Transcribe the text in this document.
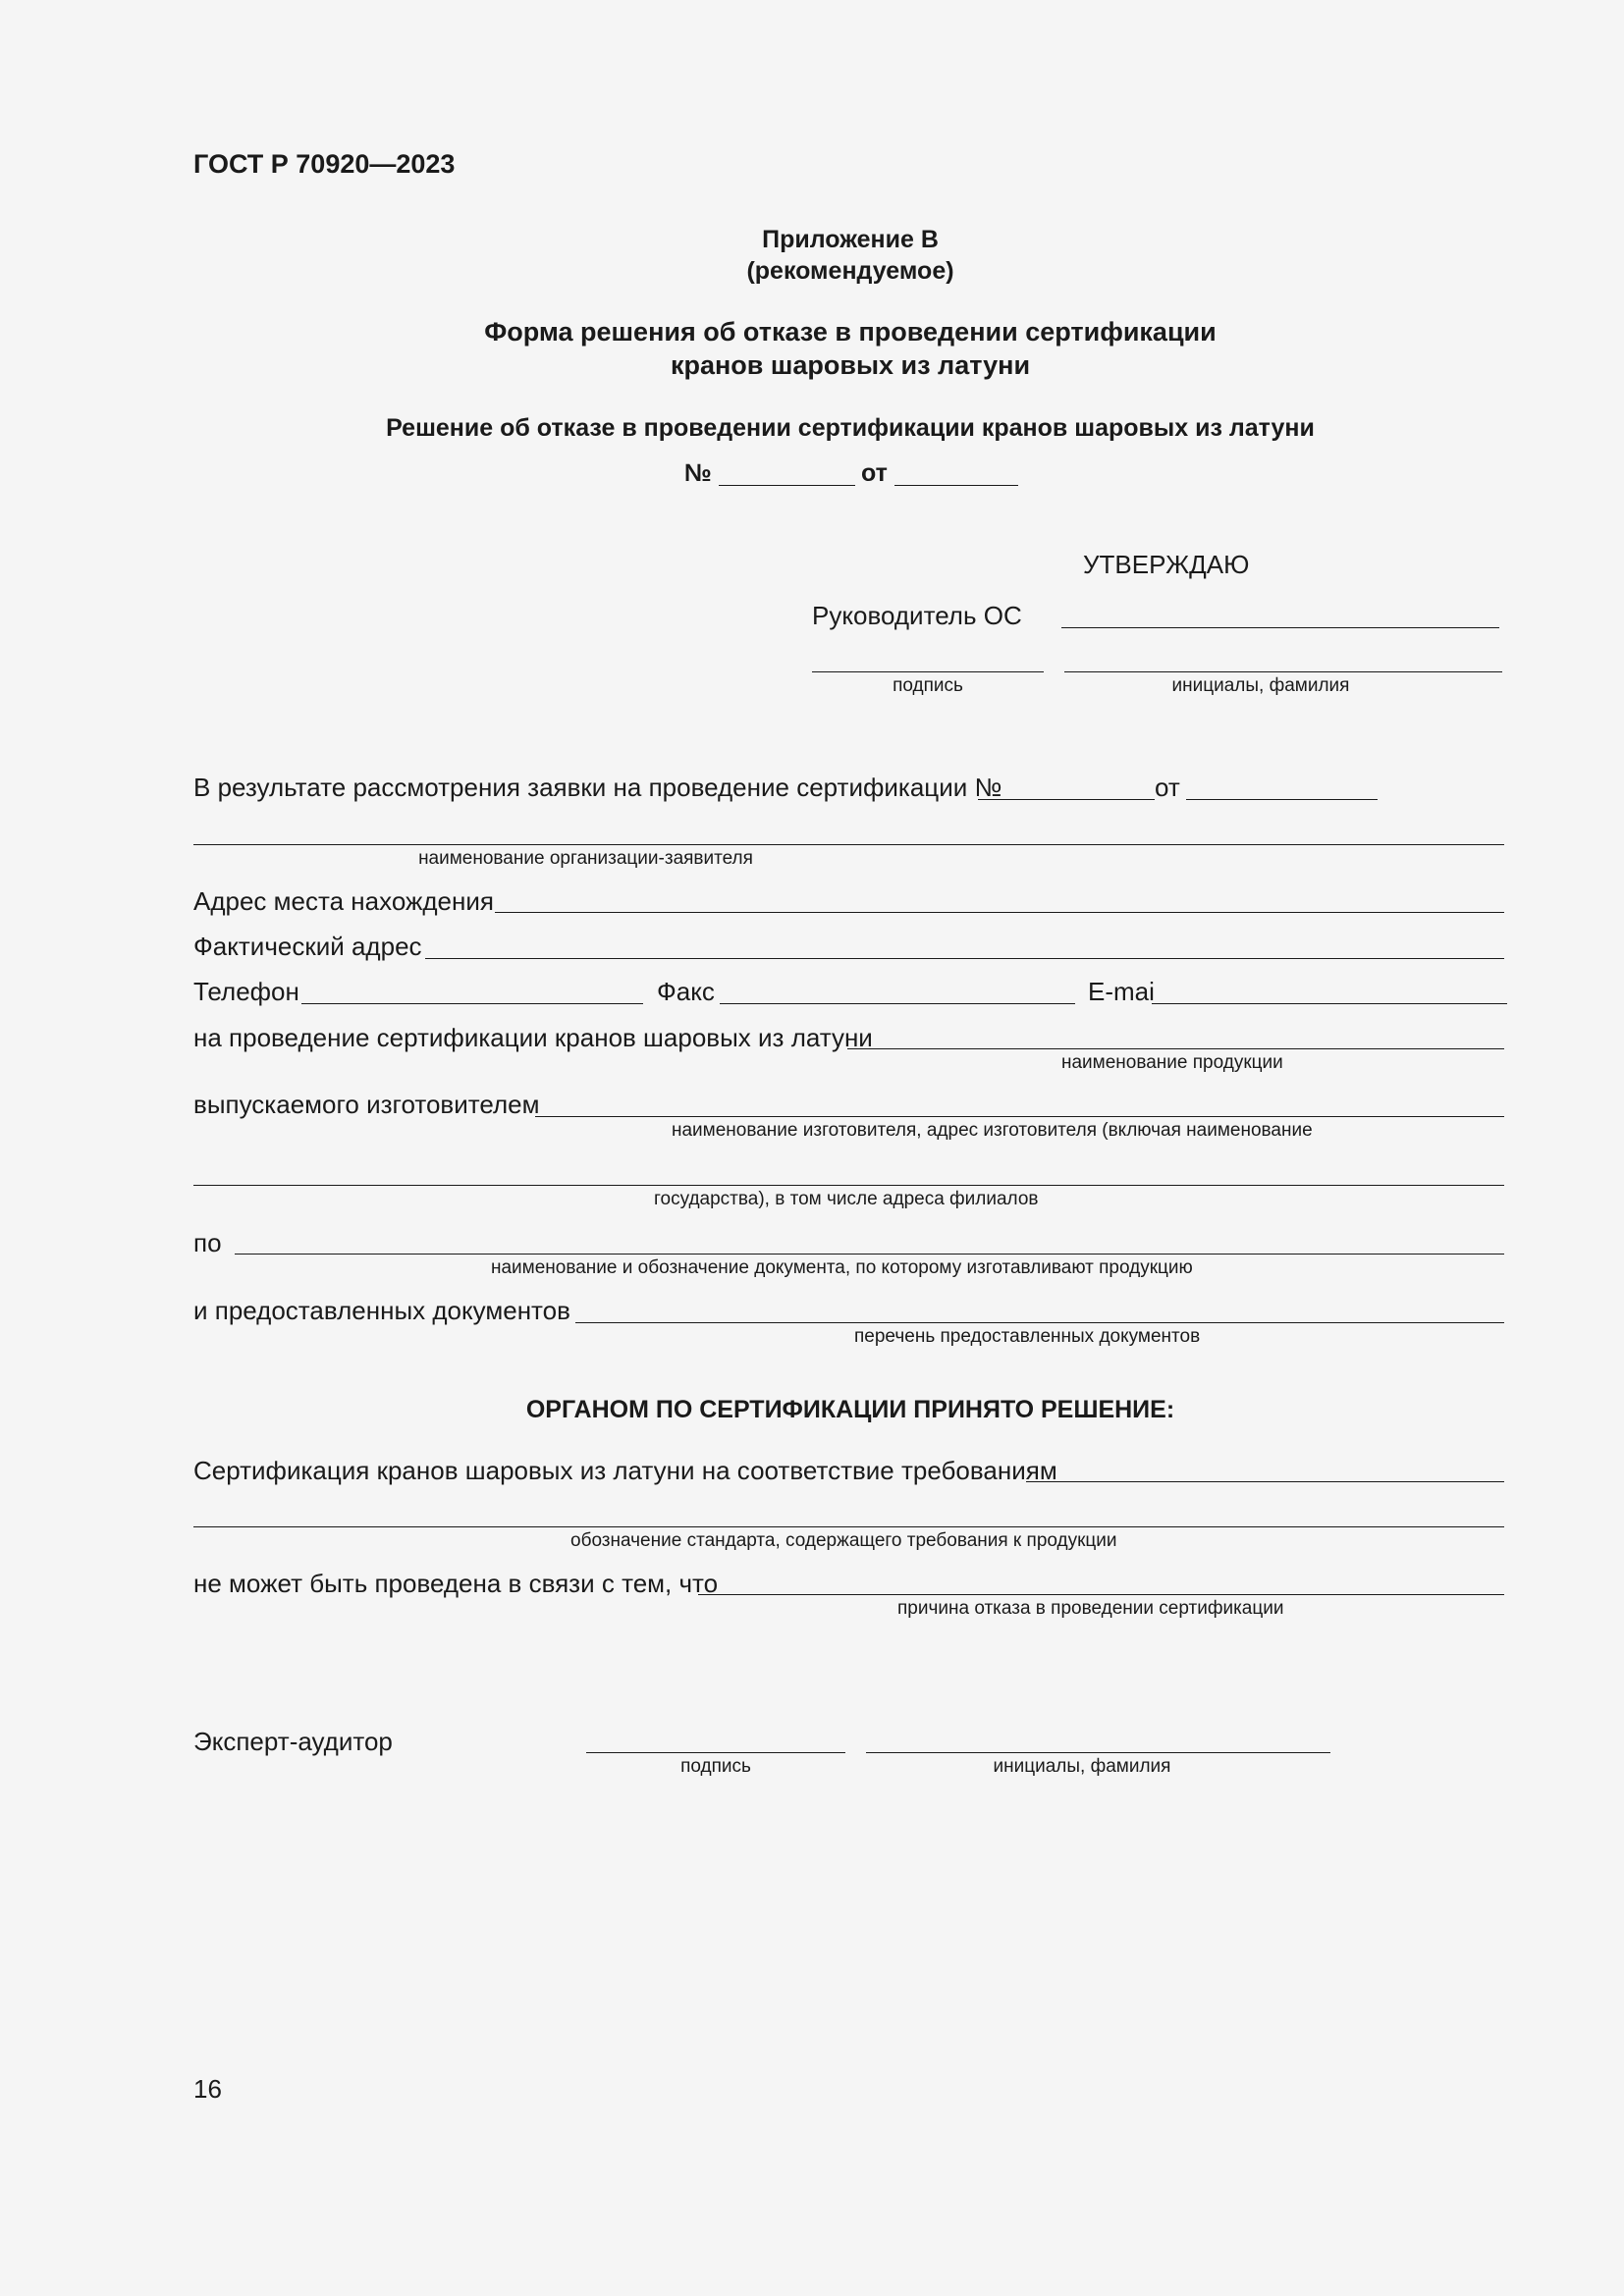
ГОСТ Р 70920—2023
Приложение В
(рекомендуемое)
Форма решения об отказе в проведении сертификации
кранов шаровых из латуни
Решение об отказе в проведении сертификации кранов шаровых из латуни
№	от
УТВЕРЖДАЮ
Руководитель ОС
подпись	инициалы, фамилия
В результате рассмотрения заявки на проведение сертификации №	от
наименование организации-заявителя
Адрес места нахождения
Фактический адрес
Телефон	Факс	E-mai
на проведение сертификации кранов шаровых из латуни
наименование продукции
выпускаемого изготовителем
наименование изготовителя, адрес изготовителя (включая наименование
государства), в том числе адреса филиалов
по
наименование и обозначение документа, по которому изготавливают продукцию
и предоставленных документов
перечень предоставленных документов
ОРГАНОМ ПО СЕРТИФИКАЦИИ ПРИНЯТО РЕШЕНИЕ:
Сертификация кранов шаровых из латуни на соответствие требованиям
обозначение стандарта, содержащего требования к продукции
не может быть проведена в связи с тем, что
причина отказа в проведении сертификации
Эксперт-аудитор
подпись	инициалы, фамилия
16
